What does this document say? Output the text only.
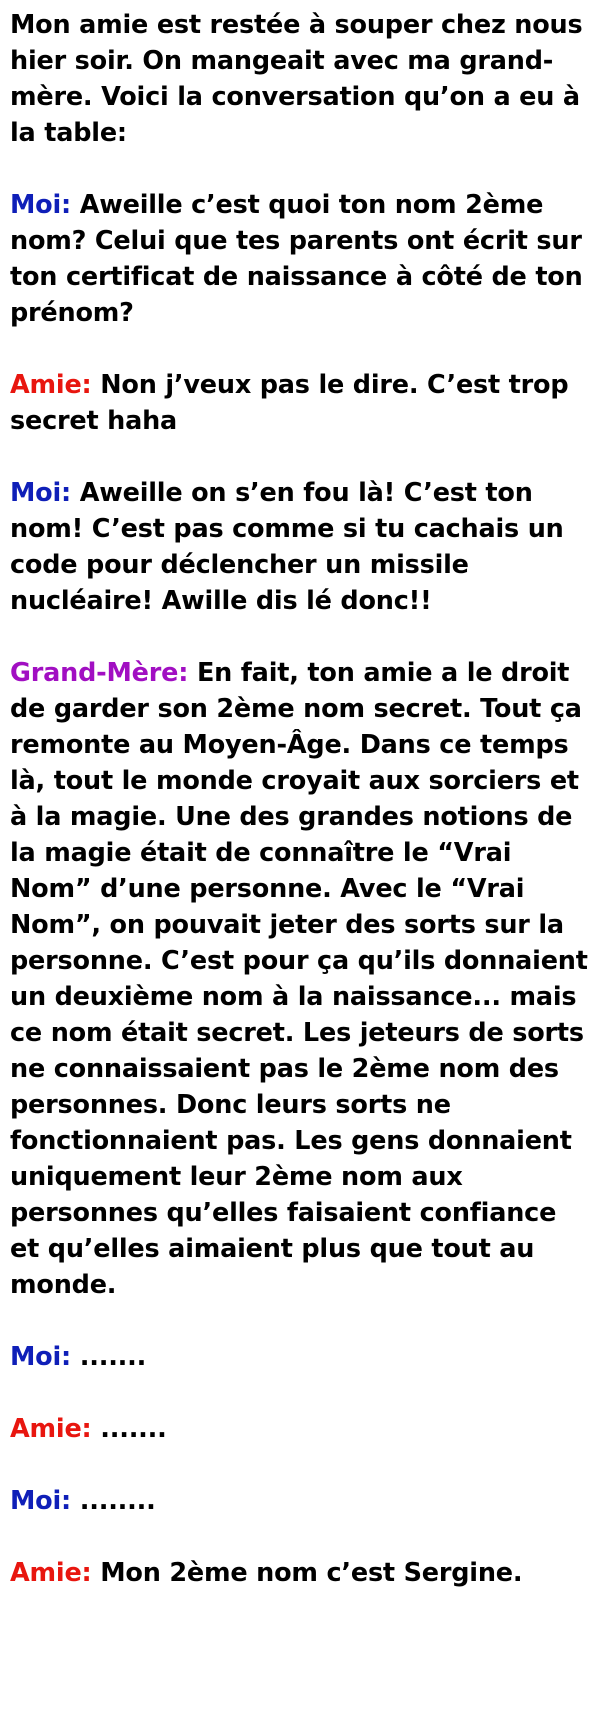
Mon amie est restée à souper chez nous hier soir. On mangeait avec ma grand-mère. Voici la conversation qu’on a eu à la table:
Moi: Aweille c’est quoi ton nom 2ème nom? Celui que tes parents ont écrit sur ton certificat de naissance à côté de ton prénom?
Amie: Non j’veux pas le dire. C’est trop secret haha
Moi: Aweille on s’en fou là! C’est ton nom! C’est pas comme si tu cachais un code pour déclencher un missile nucléaire! Awille dis lé donc!!
Grand-Mère: En fait, ton amie a le droit de garder son 2ème nom secret. Tout ça remonte au Moyen-Âge. Dans ce temps là, tout le monde croyait aux sorciers et à la magie. Une des grandes notions de la magie était de connaître le “Vrai Nom” d’une personne. Avec le “Vrai Nom”, on pouvait jeter des sorts sur la personne. C’est pour ça qu’ils donnaient un deuxième nom à la naissance... mais ce nom était secret. Les jeteurs de sorts ne connaissaient pas le 2ème nom des personnes. Donc leurs sorts ne fonctionnaient pas. Les gens donnaient uniquement leur 2ème nom aux personnes qu’elles faisaient confiance et qu’elles aimaient plus que tout au monde.
Moi: .......
Amie: .......
Moi: ........
Amie: Mon 2ème nom c’est Sergine.
